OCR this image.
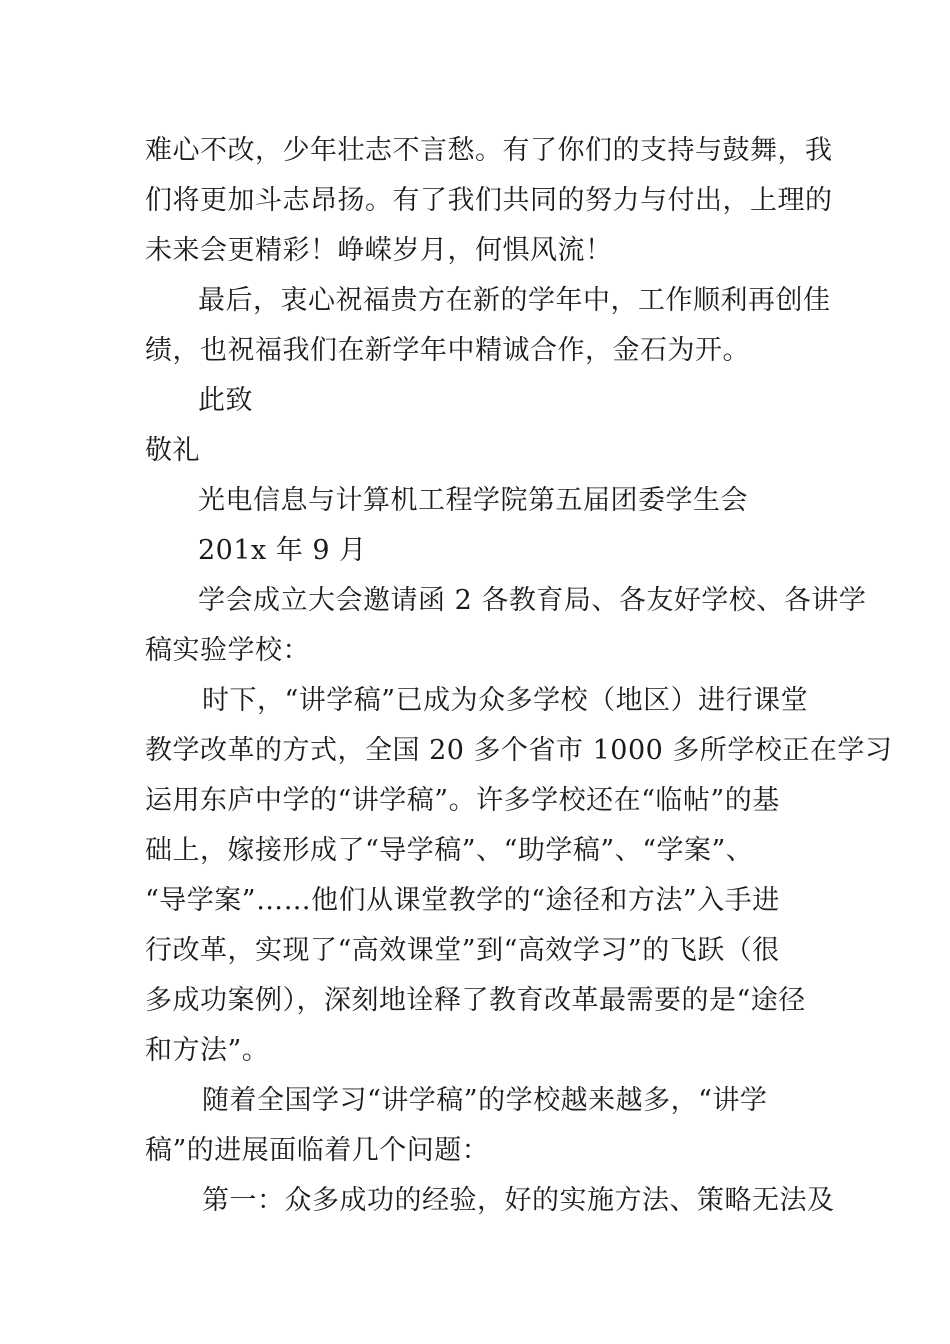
难心不改，少年壮志不言愁。有了你们的支持与鼓舞，我
们将更加斗志昂扬。有了我们共同的努力与付出，上理的
未来会更精彩！峥嵘岁月，何惧风流！
最后，衷心祝福贵方在新的学年中，工作顺利再创佳
绩，也祝福我们在新学年中精诚合作，金石为开。
此致
敬礼
光电信息与计算机工程学院第五届团委学生会
201x 年 9 月
学会成立大会邀请函 2 各教育局、各友好学校、各讲学
稿实验学校：
时下，“讲学稿”已成为众多学校（地区）进行课堂
教学改革的方式，全国 20 多个省市 1000 多所学校正在学习
运用东庐中学的“讲学稿”。许多学校还在“临帖”的基
础上，嫁接形成了“导学稿”、“助学稿”、“学案”、
“导学案”……他们从课堂教学的“途径和方法”入手进
行改革，实现了“高效课堂”到“高效学习”的飞跃（很
多成功案例），深刻地诠释了教育改革最需要的是“途径
和方法”。
随着全国学习“讲学稿”的学校越来越多，“讲学
稿”的进展面临着几个问题：
第一：众多成功的经验，好的实施方法、策略无法及
